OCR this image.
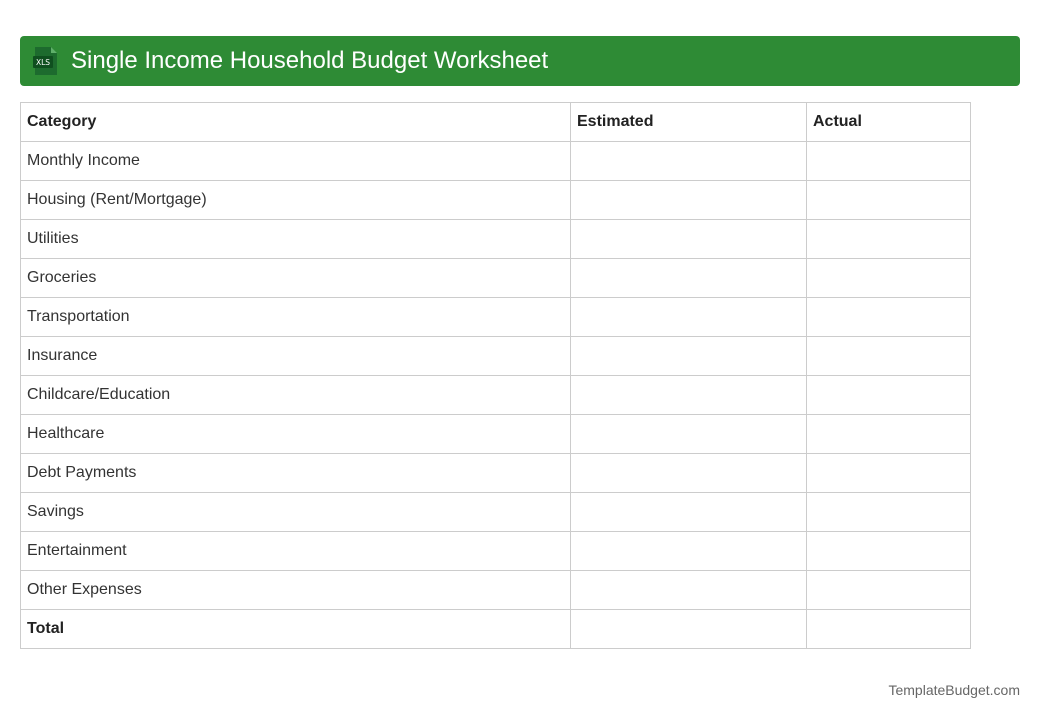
XLS Single Income Household Budget Worksheet
Category	Estimated	Actual
Monthly Income		
Housing (Rent/Mortgage)		
Utilities		
Groceries		
Transportation		
Insurance		
Childcare/Education		
Healthcare		
Debt Payments		
Savings		
Entertainment		
Other Expenses		
Total		
TemplateBudget.com
